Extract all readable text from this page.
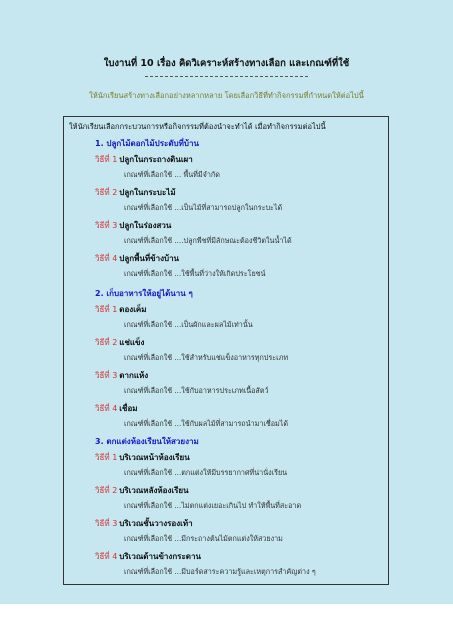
ใบงานที่ 10 เรื่อง คิดวิเคราะห์สร้างทางเลือก และเกณฑ์ที่ใช้
ให้นักเรียนสร้างทางเลือกอย่างหลากหลาย โดยเลือกวิธีที่ทำกิจกรรมที่กำหนดให้ต่อไปนี้
ให้นักเรียนเลือกกระบวนการหรือกิจกรรมที่ต้องนำจะทำได้ เมื่อทำกิจกรรมต่อไปนี้
1. ปลูกไม้ดอกไม้ประดับที่บ้าน
วิธีที่ 1 ปลูกในกระถางดินเผา
เกณฑ์ที่เลือกใช้ ... พื้นที่มีจำกัด
วิธีที่ 2 ปลูกในกระบะไม้
เกณฑ์ที่เลือกใช้ ...เป็นไม้ที่สามารถปลูกในกระบะได้
วิธีที่ 3 ปลูกในร่องสวน
เกณฑ์ที่เลือกใช้ ....ปลูกพืชที่มีลักษณะต้องชีวิตในน้ำได้
วิธีที่ 4 ปลูกพื้นที่ข้างบ้าน
เกณฑ์ที่เลือกใช้ ...ใช้พื้นที่ว่างให้เกิดประโยชน์
2. เก็บอาหารให้อยู่ได้นาน ๆ
วิธีที่ 1 ดองเค็ม
เกณฑ์ที่เลือกใช้ ...เป็นผักและผลไม้เท่านั้น
วิธีที่ 2 แช่แข็ง
เกณฑ์ที่เลือกใช้ ...ใช้สำหรับแช่แข็งอาหารทุกประเภท
วิธีที่ 3 ตากแห้ง
เกณฑ์ที่เลือกใช้ ...ใช้กับอาหารประเภทเนื้อสัตว์
วิธีที่ 4 เชื่อม
เกณฑ์ที่เลือกใช้ ...ใช้กับผลไม้ที่สามารถนำมาเชื่อมได้
3. ตกแต่งห้องเรียนให้สวยงาม
วิธีที่ 1 บริเวณหน้าห้องเรียน
เกณฑ์ที่เลือกใช้ ...ตกแต่งให้มีบรรยากาศที่น่านั่งเรียน
วิธีที่ 2 บริเวณหลังห้องเรียน
เกณฑ์ที่เลือกใช้ ...ไม่ตกแต่งเยอะเกินไป ทำให้พื้นที่สะอาด
วิธีที่ 3 บริเวณชั้นวางรองเท้า
เกณฑ์ที่เลือกใช้ ...มีกระถางต้นไม้ตกแต่งให้สวยงาม
วิธีที่ 4 บริเวณด้านข้างกระดาน
เกณฑ์ที่เลือกใช้ ...มีบอร์ดสาระความรู้และเหตุการสำคัญต่าง ๆ
